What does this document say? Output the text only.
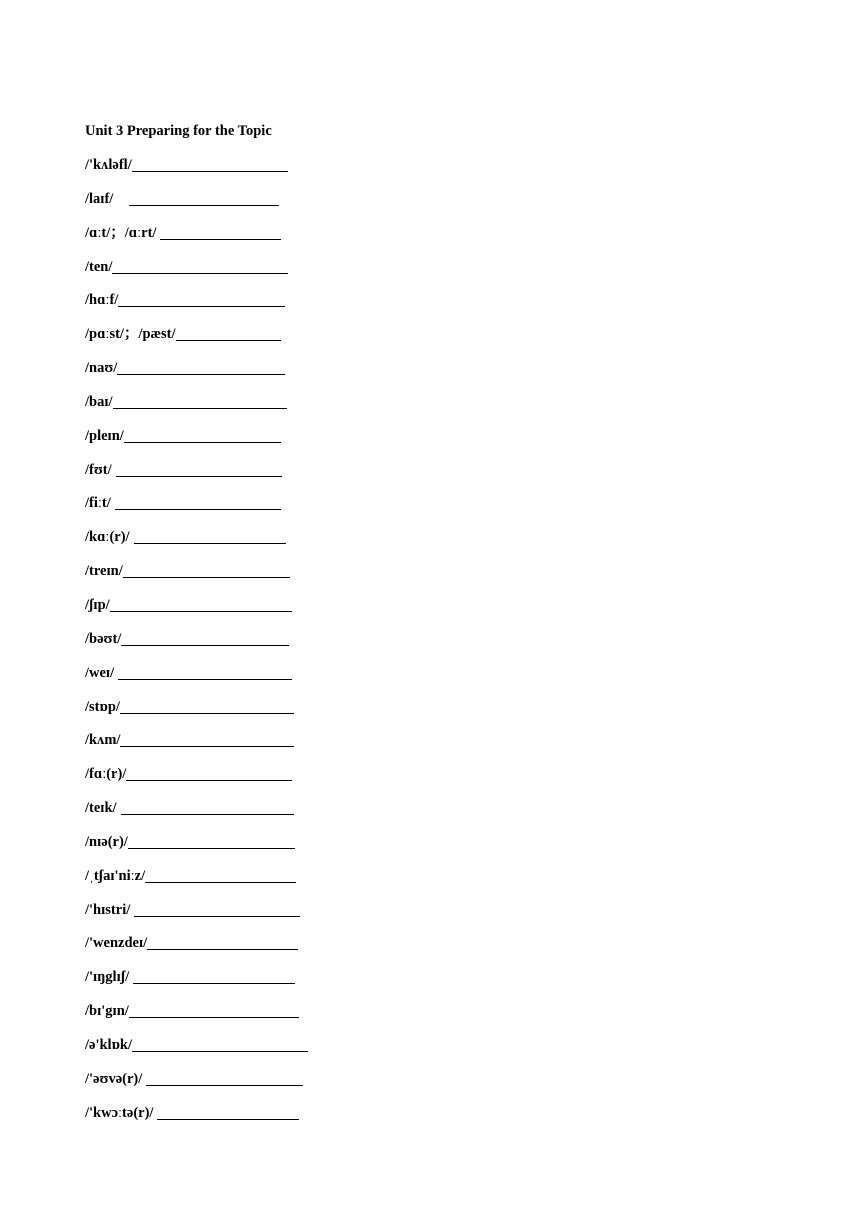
Unit 3 Preparing for the Topic
/'kʌləfl/
/laɪf/
/ɑːt/；/ɑːrt/
/ten/
/hɑːf/
/pɑːst/；/pæst/
/naʊ/
/baɪ/
/pleɪn/
/fʊt/
/fiːt/
/kɑː(r)/
/treɪn/
/ʃɪp/
/bəʊt/
/weɪ/
/stɒp/
/kʌm/
/fɑː(r)/
/teɪk/
/nɪə(r)/
/ˌtʃaɪ'niːz/
/'hɪstri/
/'wenzdeɪ/
/'ɪŋglɪʃ/
/bɪ'gɪn/
/ə'klɒk/
/'əʊvə(r)/
/'kwɔːtə(r)/
